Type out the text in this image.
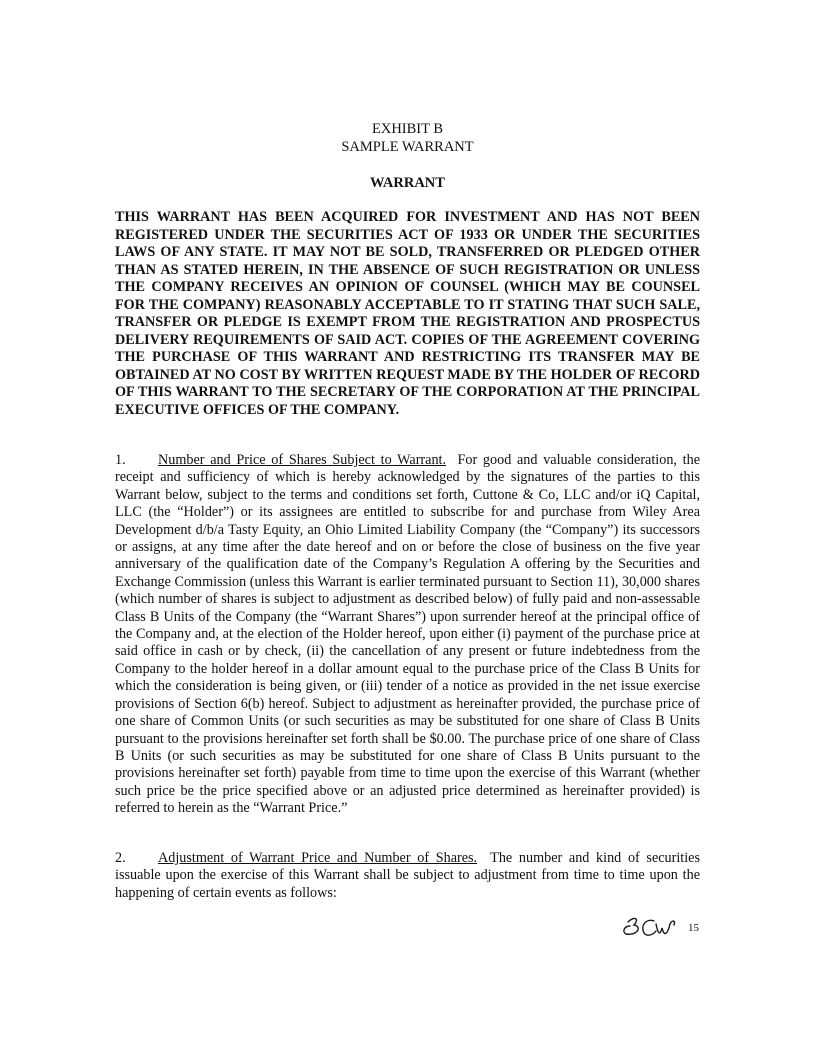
EXHIBIT B
SAMPLE WARRANT
WARRANT
THIS WARRANT HAS BEEN ACQUIRED FOR INVESTMENT AND HAS NOT BEEN REGISTERED UNDER THE SECURITIES ACT OF 1933 OR UNDER THE SECURITIES LAWS OF ANY STATE. IT MAY NOT BE SOLD, TRANSFERRED OR PLEDGED OTHER THAN AS STATED HEREIN, IN THE ABSENCE OF SUCH REGISTRATION OR UNLESS THE COMPANY RECEIVES AN OPINION OF COUNSEL (WHICH MAY BE COUNSEL FOR THE COMPANY) REASONABLY ACCEPTABLE TO IT STATING THAT SUCH SALE, TRANSFER OR PLEDGE IS EXEMPT FROM THE REGISTRATION AND PROSPECTUS DELIVERY REQUIREMENTS OF SAID ACT. COPIES OF THE AGREEMENT COVERING THE PURCHASE OF THIS WARRANT AND RESTRICTING ITS TRANSFER MAY BE OBTAINED AT NO COST BY WRITTEN REQUEST MADE BY THE HOLDER OF RECORD OF THIS WARRANT TO THE SECRETARY OF THE CORPORATION AT THE PRINCIPAL EXECUTIVE OFFICES OF THE COMPANY.
1. Number and Price of Shares Subject to Warrant. For good and valuable consideration, the receipt and sufficiency of which is hereby acknowledged by the signatures of the parties to this Warrant below, subject to the terms and conditions set forth, Cuttone & Co, LLC and/or iQ Capital, LLC (the “Holder”) or its assignees are entitled to subscribe for and purchase from Wiley Area Development d/b/a Tasty Equity, an Ohio Limited Liability Company (the “Company”) its successors or assigns, at any time after the date hereof and on or before the close of business on the five year anniversary of the qualification date of the Company’s Regulation A offering by the Securities and Exchange Commission (unless this Warrant is earlier terminated pursuant to Section 11), 30,000 shares (which number of shares is subject to adjustment as described below) of fully paid and non-assessable Class B Units of the Company (the “Warrant Shares”) upon surrender hereof at the principal office of the Company and, at the election of the Holder hereof, upon either (i) payment of the purchase price at said office in cash or by check, (ii) the cancellation of any present or future indebtedness from the Company to the holder hereof in a dollar amount equal to the purchase price of the Class B Units for which the consideration is being given, or (iii) tender of a notice as provided in the net issue exercise provisions of Section 6(b) hereof. Subject to adjustment as hereinafter provided, the purchase price of one share of Common Units (or such securities as may be substituted for one share of Class B Units pursuant to the provisions hereinafter set forth shall be $0.00. The purchase price of one share of Class B Units (or such securities as may be substituted for one share of Class B Units pursuant to the provisions hereinafter set forth) payable from time to time upon the exercise of this Warrant (whether such price be the price specified above or an adjusted price determined as hereinafter provided) is referred to herein as the “Warrant Price.”
2. Adjustment of Warrant Price and Number of Shares. The number and kind of securities issuable upon the exercise of this Warrant shall be subject to adjustment from time to time upon the happening of certain events as follows:
15
